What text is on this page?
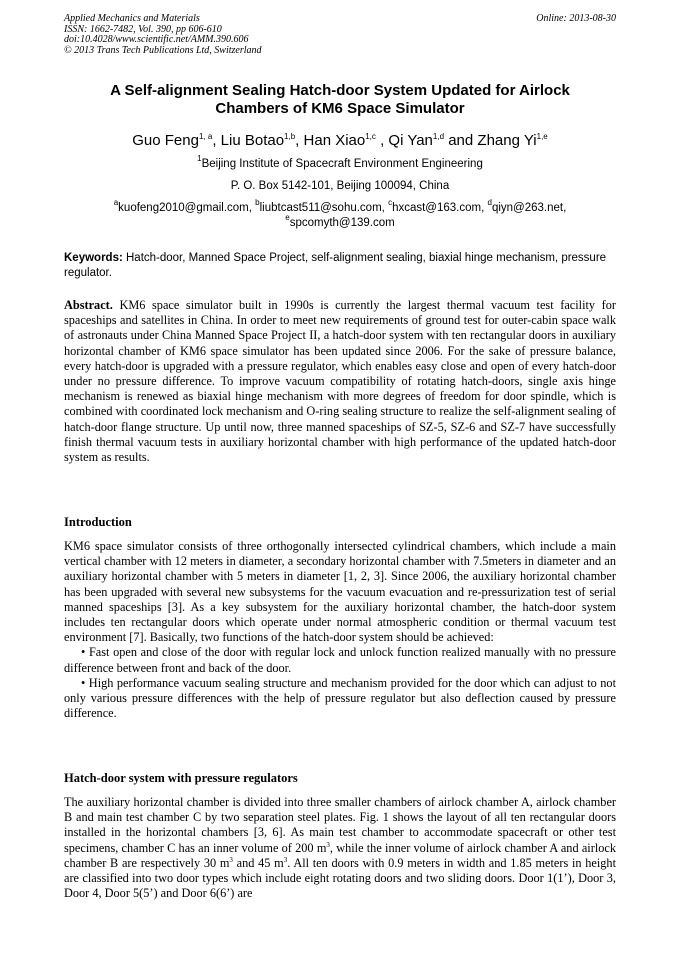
Applied Mechanics and Materials
ISSN: 1662-7482, Vol. 390, pp 606-610
doi:10.4028/www.scientific.net/AMM.390.606
© 2013 Trans Tech Publications Ltd, Switzerland
Online: 2013-08-30
A Self-alignment Sealing Hatch-door System Updated for Airlock
Chambers of KM6 Space Simulator
Guo Feng$^{1, a}$, Liu Botao$^{1,b}$, Han Xiao$^{1,c}$ , Qi Yan$^{1,d}$ and Zhang Yi$^{1,e}$
$^1$Beijing Institute of Spacecraft Environment Engineering
P. O. Box 5142-101, Beijing 100094, China
$^a$kuofeng2010@gmail.com, $^b$liubtcast511@sohu.com, $^c$hxcast@163.com, $^d$qiyn@263.net,
$^e$spcomyth@139.com
Keywords: Hatch-door, Manned Space Project, self-alignment sealing, biaxial hinge mechanism, pressure regulator.
Abstract. KM6 space simulator built in 1990s is currently the largest thermal vacuum test facility for spaceships and satellites in China. In order to meet new requirements of ground test for outer-cabin space walk of astronauts under China Manned Space Project II, a hatch-door system with ten rectangular doors in auxiliary horizontal chamber of KM6 space simulator has been updated since 2006. For the sake of pressure balance, every hatch-door is upgraded with a pressure regulator, which enables easy close and open of every hatch-door under no pressure difference. To improve vacuum compatibility of rotating hatch-doors, single axis hinge mechanism is renewed as biaxial hinge mechanism with more degrees of freedom for door spindle, which is combined with coordinated lock mechanism and O-ring sealing structure to realize the self-alignment sealing of hatch-door flange structure. Up until now, three manned spaceships of SZ-5, SZ-6 and SZ-7 have successfully finish thermal vacuum tests in auxiliary horizontal chamber with high performance of the updated hatch-door system as results.
Introduction
KM6 space simulator consists of three orthogonally intersected cylindrical chambers, which include a main vertical chamber with 12 meters in diameter, a secondary horizontal chamber with 7.5meters in diameter and an auxiliary horizontal chamber with 5 meters in diameter [1, 2, 3]. Since 2006, the auxiliary horizontal chamber has been upgraded with several new subsystems for the vacuum evacuation and re-pressurization test of serial manned spaceships [3]. As a key subsystem for the auxiliary horizontal chamber, the hatch-door system includes ten rectangular doors which operate under normal atmospheric condition or thermal vacuum test environment [7]. Basically, two functions of the hatch-door system should be achieved:
• Fast open and close of the door with regular lock and unlock function realized manually with no pressure difference between front and back of the door.
• High performance vacuum sealing structure and mechanism provided for the door which can adjust to not only various pressure differences with the help of pressure regulator but also deflection caused by pressure difference.
Hatch-door system with pressure regulators
The auxiliary horizontal chamber is divided into three smaller chambers of airlock chamber A, airlock chamber B and main test chamber C by two separation steel plates. Fig. 1 shows the layout of all ten rectangular doors installed in the horizontal chambers [3, 6]. As main test chamber to accommodate spacecraft or other test specimens, chamber C has an inner volume of 200 $m^3$, while the inner volume of airlock chamber A and airlock chamber B are respectively 30 $m^3$ and 45 $m^3$. All ten doors with 0.9 meters in width and 1.85 meters in height are classified into two door types which include eight rotating doors and two sliding doors. Door 1(1’), Door 3, Door 4, Door 5(5’) and Door 6(6’) are
